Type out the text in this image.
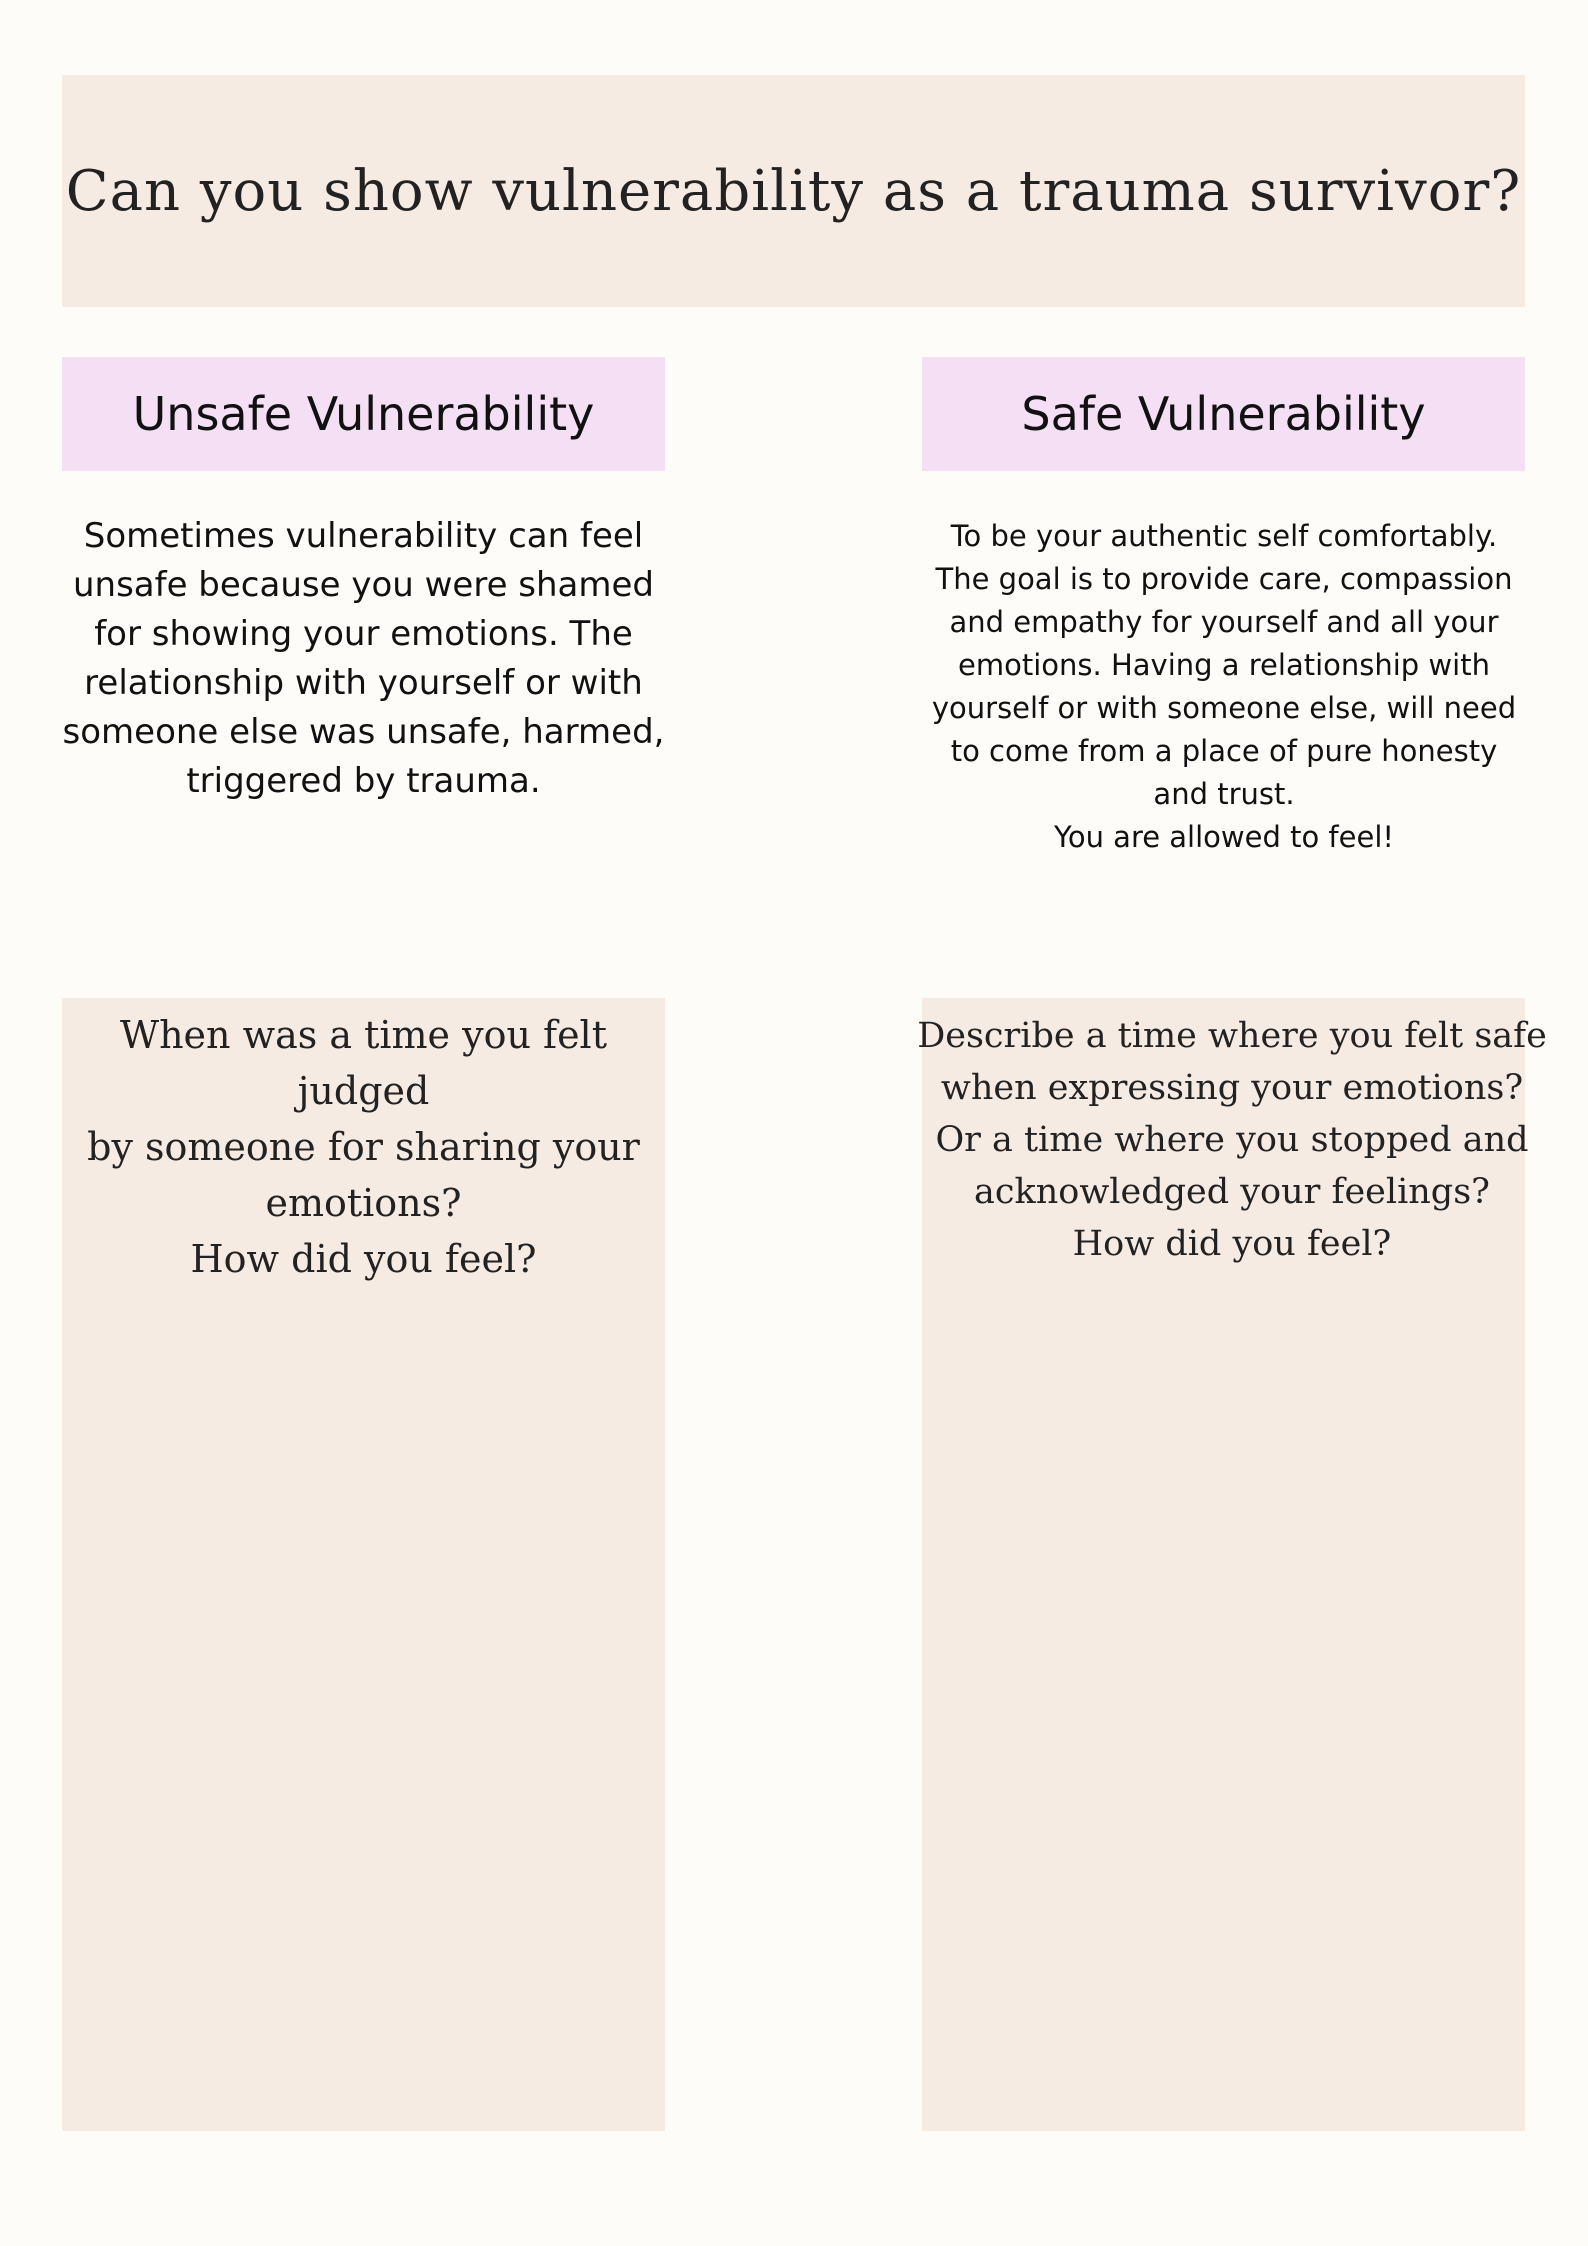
Can you show vulnerability as a trauma survivor?
Unsafe Vulnerability	Safe Vulnerability

Sometimes vulnerability can feel
unsafe because you were shamed
for showing your emotions. The
relationship with yourself or with
someone else was unsafe, harmed,
triggered by trauma.

To be your authentic self comfortably.
The goal is to provide care, compassion
and empathy for yourself and all your
emotions. Having a relationship with
yourself or with someone else, will need
to come from a place of pure honesty
and trust.
You are allowed to feel!

When was a time you felt judged
by someone for sharing your
emotions?
How did you feel?

Describe a time where you felt safe
when expressing your emotions?
Or a time where you stopped and
acknowledged your feelings?
How did you feel?
